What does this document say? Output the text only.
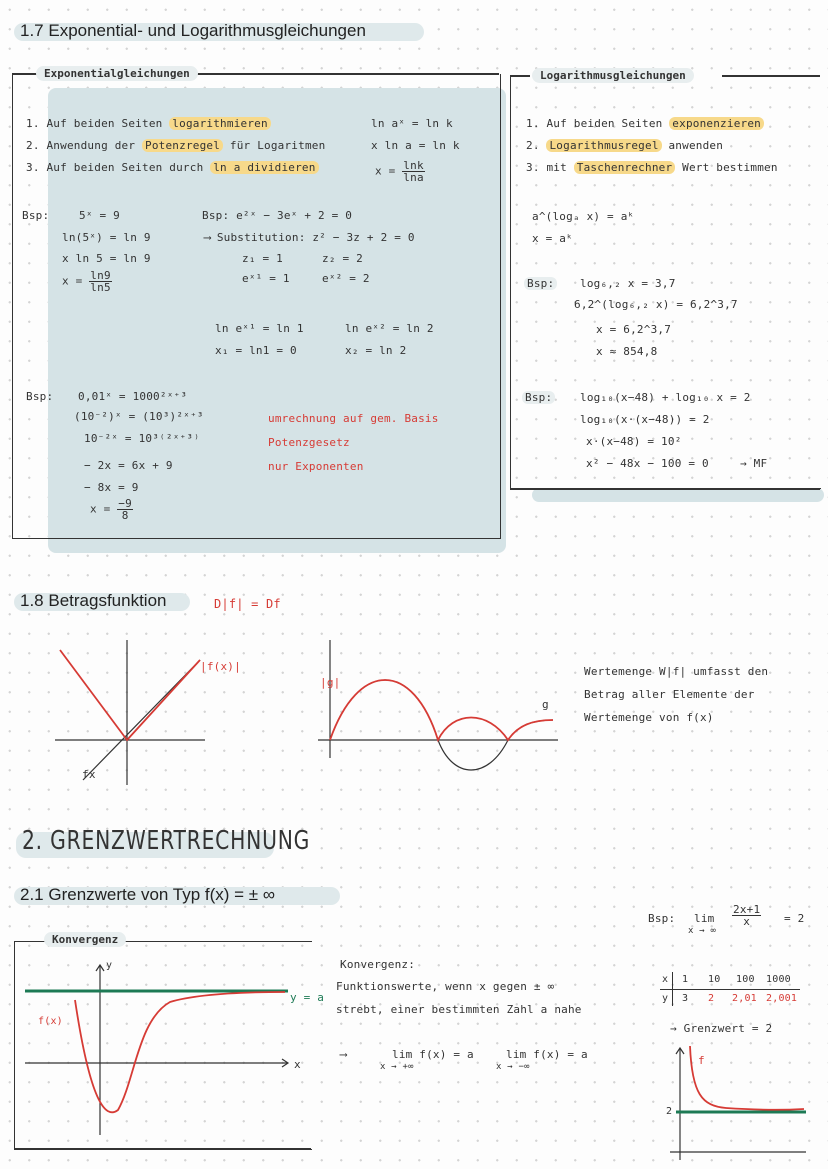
1.7 Exponential- und Logarithmusgleichungen
Exponentialgleichungen
1. Auf beiden Seiten logarithmieren
2. Anwendung der Potenzregel für Logaritmen
3. Auf beiden Seiten durch ln a dividieren
ln aˣ = ln k
x ln a = ln k
$x = \frac{\ln k}{\ln a}$
Bsp:	5ˣ = 9
ln(5ˣ) = ln 9
x ln 5 = ln 9
$x = \frac{\ln 9}{\ln 5}$
Bsp: e²ˣ − 3eˣ + 2 = 0
⟶ Substitution: z² − 3z + 2 = 0
z₁ = 1	z₂ = 2
eˣ¹ = 1	eˣ² = 2
ln eˣ¹ = ln 1
x₁ = ln1 = 0
ln eˣ² = ln 2
x₂ = ln 2
Bsp: 0,01ˣ = 1000²ˣ⁺³
(10⁻²)ˣ = (10³)²ˣ⁺³
10⁻²ˣ = 10³⁽²ˣ⁺³⁾
− 2x = 6x + 9
− 8x = 9
$x = \frac{-9}{8}$
umrechnung auf gem. Basis
Potenzgesetz
nur Exponenten
Logarithmusgleichungen
1. Auf beiden Seiten exponenzieren
2. Logarithmusregel anwenden
3. mit Taschenrechner Wert bestimmen
a^(logₐ x) = aᵏ
x = aᵏ
Bsp: log₆,₂ x = 3,7
6,2^(log₆,₂ x) = 6,2^3,7
x = 6,2^3,7
x ≈ 854,8
Bsp:	log₁₀(x−48) + log₁₀ x = 2
log₁₀(x·(x−48)) = 2
x·(x−48) = 10²
x² − 48x − 100 = 0	→ MF
1.8 Betragsfunktion	D|f| = Df
|f(x)|
fx
|g|
g
Wertemenge W|f| umfasst den
Betrag aller Elemente der
Wertemenge von f(x)
2. GRENZWERTRECHNUNG
2.1 Grenzwerte von Typ f(x) = ± ∞
Konvergenz
y
x
f(x)
y = a
Konvergenz:
Funktionswerte, wenn x gegen ± ∞
strebt, einer bestimmten Zahl a nahe
⟶	lim f(x) = a
x → +∞
lim f(x) = a
x → −∞
Bsp: lim
x → ∞
$\frac{2x+1}{x} = 2$
x 1 10 100 1000
y 3 2 2,01 2,001
→ Grenzwert = 2
f
2
